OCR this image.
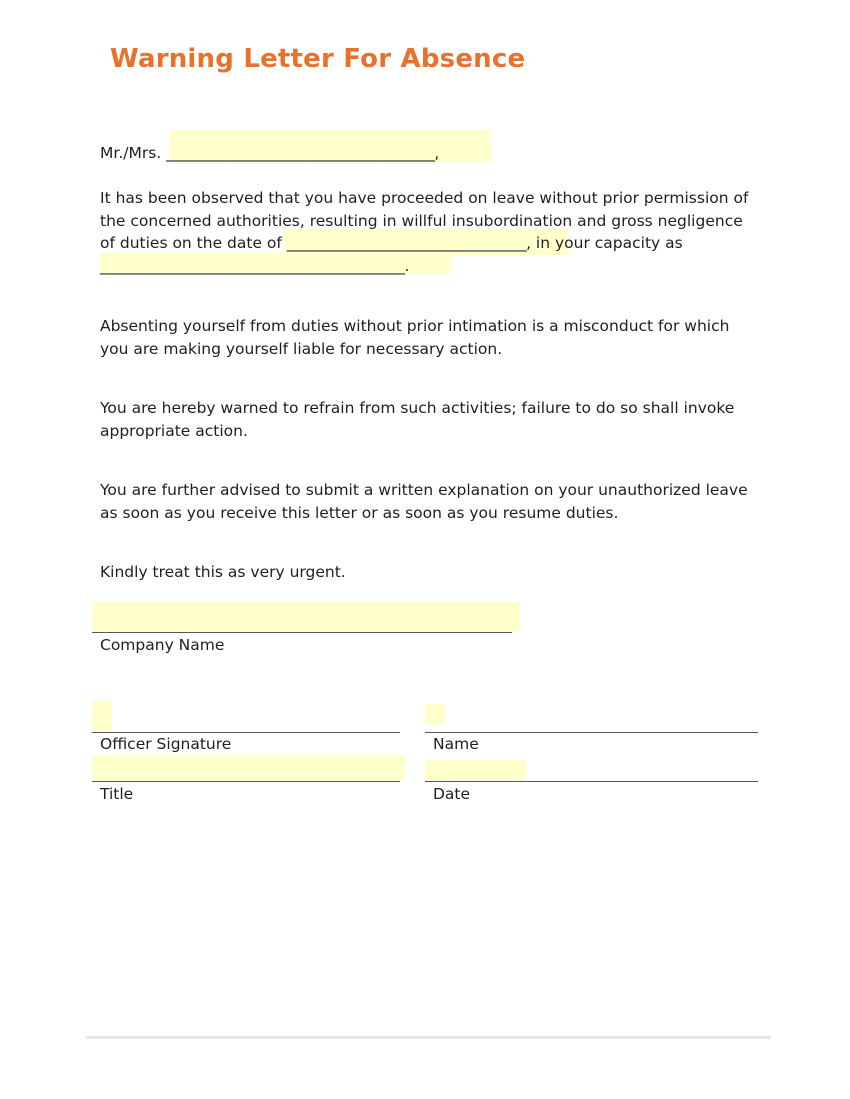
Warning Letter For Absence
Mr./Mrs. _____________________________________,
It has been observed that you have proceeded on leave without prior permission of
the concerned authorities, resulting in willful insubordination and gross negligence
of duties on the date of _________________________________, in your capacity as
__________________________________________.
Absenting yourself from duties without prior intimation is a misconduct for which
you are making yourself liable for necessary action.
You are hereby warned to refrain from such activities; failure to do so shall invoke
appropriate action.
You are further advised to submit a written explanation on your unauthorized leave
as soon as you receive this letter or as soon as you resume duties.
Kindly treat this as very urgent.
Company Name
Officer Signature	Name
Title	Date
